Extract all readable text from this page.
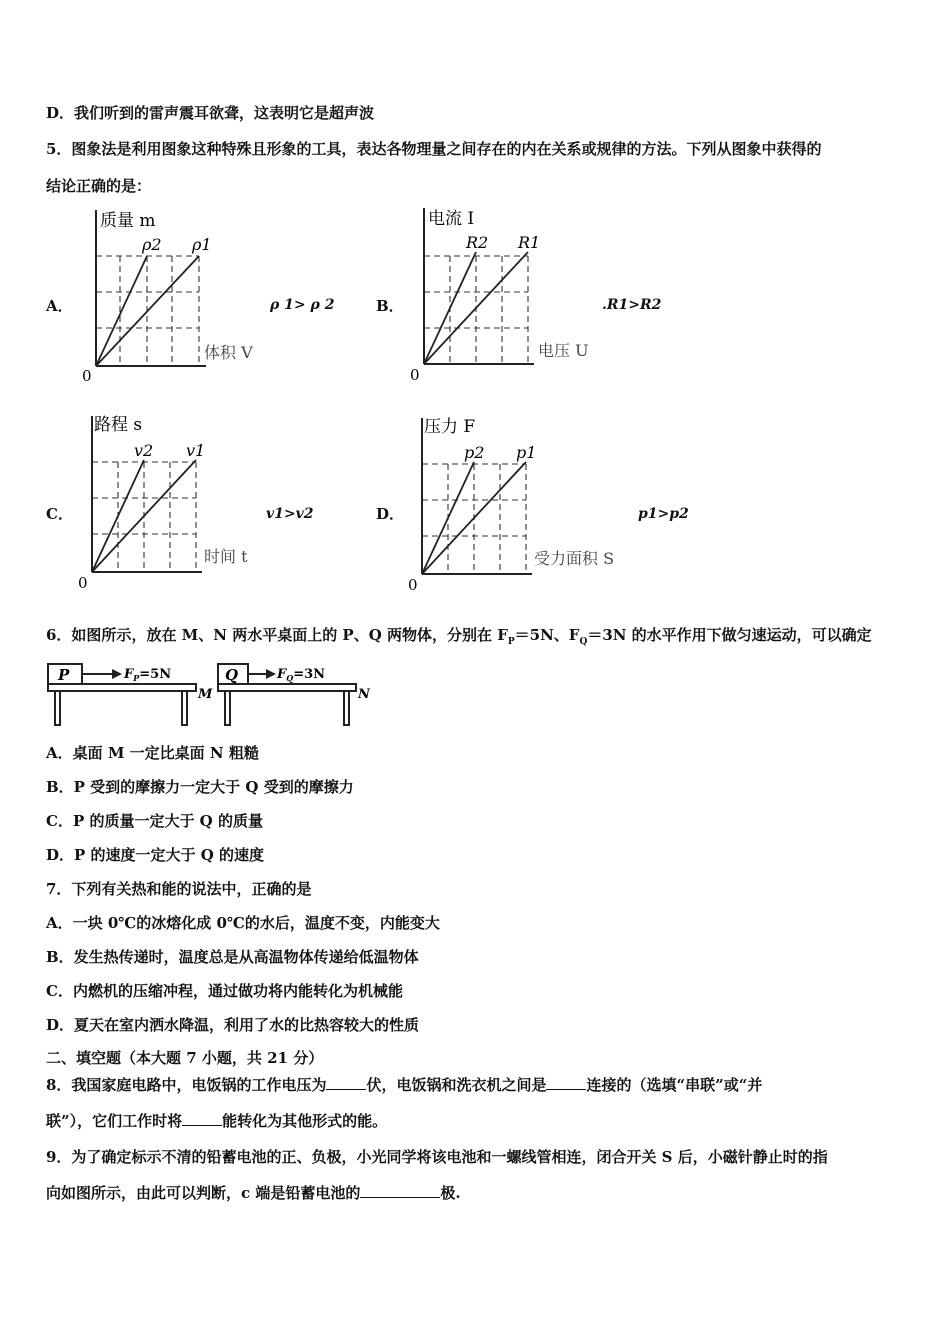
D．我们听到的雷声震耳欲聋，这表明它是超声波
5．图象法是利用图象这种特殊且形象的工具，表达各物理量之间存在的内在关系或规律的方法。下列从图象中获得的
结论正确的是：
A．	B．
C．	D．
ρ 1> ρ 2	.R1>R2
v1>v2	p1>p2
质量 m
体积 V
ρ2 ρ1
0
电流 I
电压 U
R2 R1
0
路程 s
时间 t
v2 v1
0
压力 F
受力面积 S
p2 p1
0
6．如图所示，放在 M、N 两水平桌面上的 P、Q 两物体，分别在 $F_P=5N$、$F_Q=3N$ 的水平作用下做匀速运动，可以确定
P	$F_P=5N$
M
Q	$F_Q=3N$
N
A．桌面 M 一定比桌面 N 粗糙
B．P 受到的摩擦力一定大于 Q 受到的摩擦力
C．P 的质量一定大于 Q 的质量
D．P 的速度一定大于 Q 的速度
7．下列有关热和能的说法中，正确的是
A．一块 0℃的冰熔化成 0℃的水后，温度不变，内能变大
B．发生热传递时，温度总是从高温物体传递给低温物体
C．内燃机的压缩冲程，通过做功将内能转化为机械能
D．夏天在室内洒水降温，利用了水的比热容较大的性质
二、填空题（本大题 7 小题，共 21 分）
8．我国家庭电路中，电饭锅的工作电压为	伏，电饭锅和洗衣机之间是	连接的（选填“串联”或“并
联”），它们工作时将	能转化为其他形式的能。
9．为了确定标示不清的铅蓄电池的正、负极，小光同学将该电池和一螺线管相连，闭合开关 S 后，小磁针静止时的指
向如图所示，由此可以判断，c 端是铅蓄电池的	极.
